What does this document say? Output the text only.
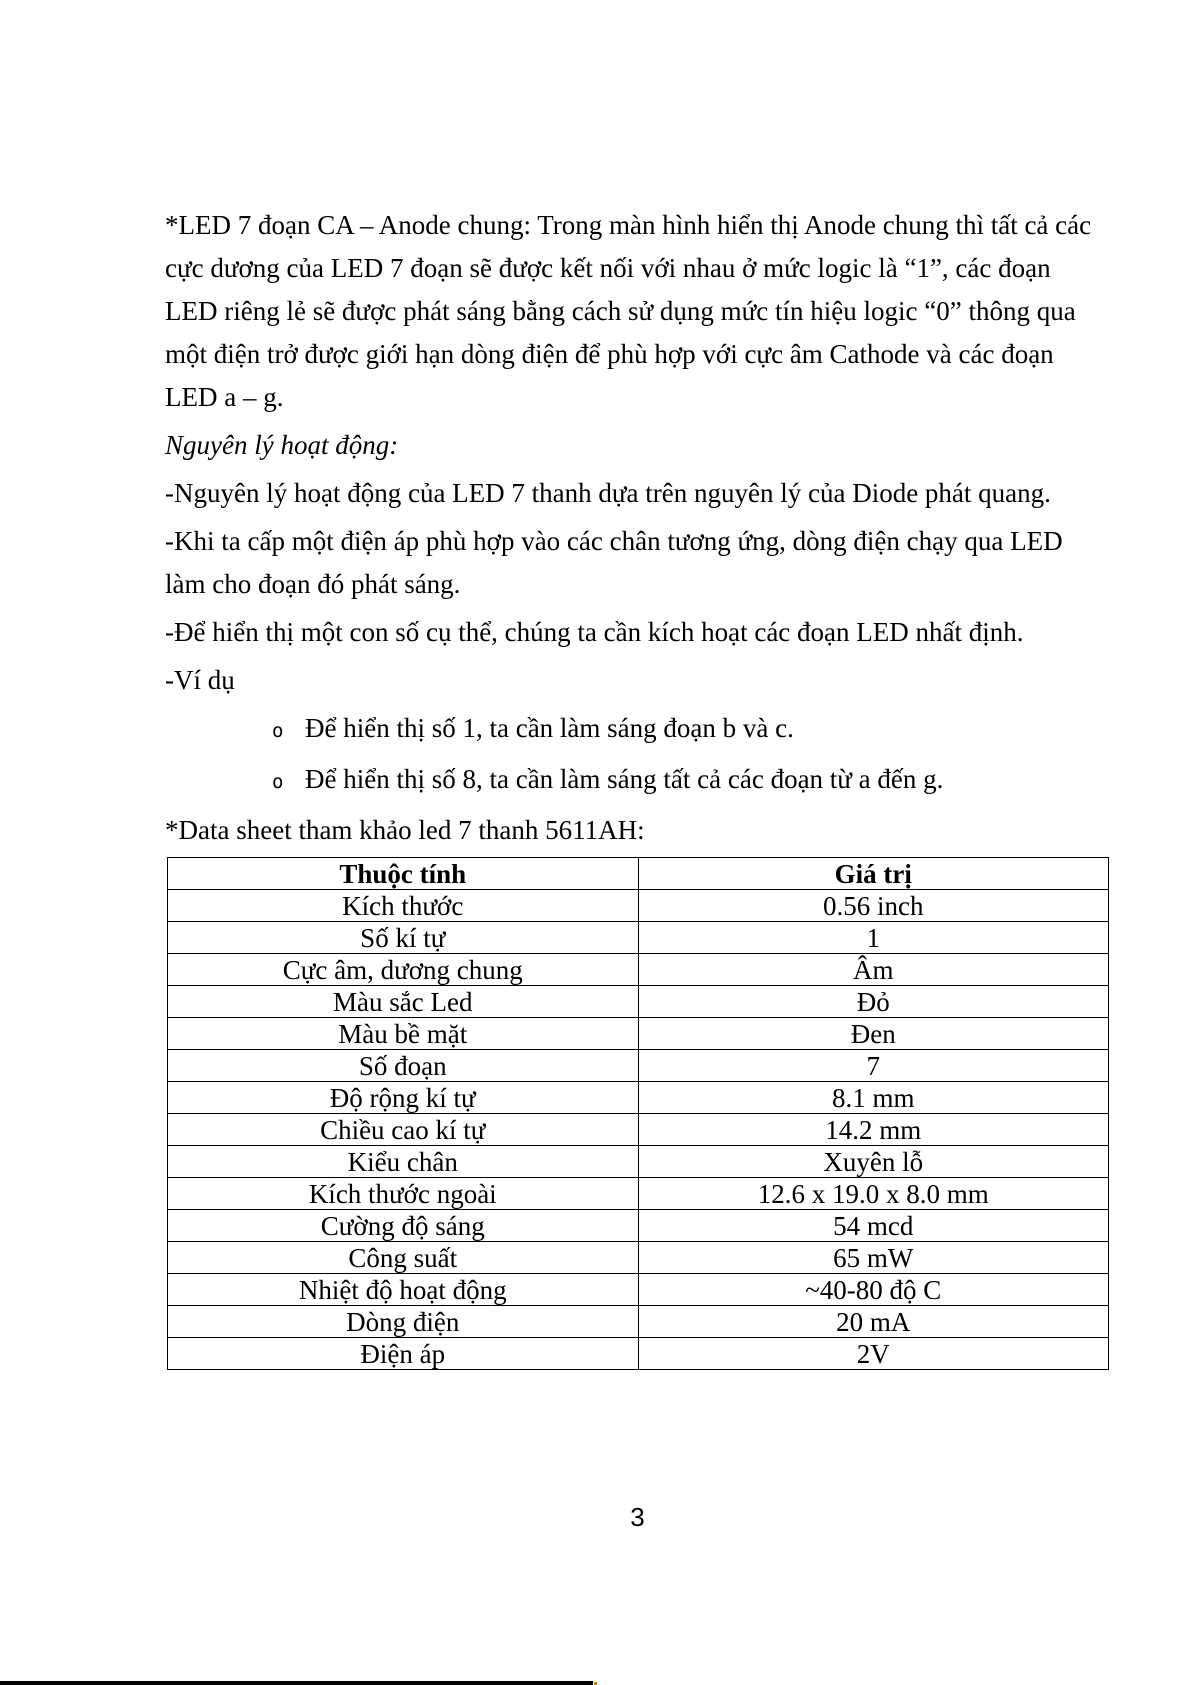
*LED 7 đoạn CA – Anode chung: Trong màn hình hiển thị Anode chung thì tất cả các
cực dương của LED 7 đoạn sẽ được kết nối với nhau ở mức logic là “1”, các đoạn
LED riêng lẻ sẽ được phát sáng bằng cách sử dụng mức tín hiệu logic “0” thông qua
một điện trở được giới hạn dòng điện để phù hợp với cực âm Cathode và các đoạn
LED a – g.
Nguyên lý hoạt động:
-Nguyên lý hoạt động của LED 7 thanh dựa trên nguyên lý của Diode phát quang.
-Khi ta cấp một điện áp phù hợp vào các chân tương ứng, dòng điện chạy qua LED
làm cho đoạn đó phát sáng.
-Để hiển thị một con số cụ thể, chúng ta cần kích hoạt các đoạn LED nhất định.
-Ví dụ
o Để hiển thị số 1, ta cần làm sáng đoạn b và c.
o Để hiển thị số 8, ta cần làm sáng tất cả các đoạn từ a đến g.
*Data sheet tham khảo led 7 thanh 5611AH:
Thuộc tính	Giá trị
Kích thước	0.56 inch
Số kí tự	1
Cực âm, dương chung	Âm
Màu sắc Led	Đỏ
Màu bề mặt	Đen
Số đoạn	7
Độ rộng kí tự	8.1 mm
Chiều cao kí tự	14.2 mm
Kiểu chân	Xuyên lỗ
Kích thước ngoài	12.6 x 19.0 x 8.0 mm
Cường độ sáng	54 mcd
Công suất	65 mW
Nhiệt độ hoạt động	~40-80 độ C
Dòng điện	20 mA
Điện áp	2V
3
